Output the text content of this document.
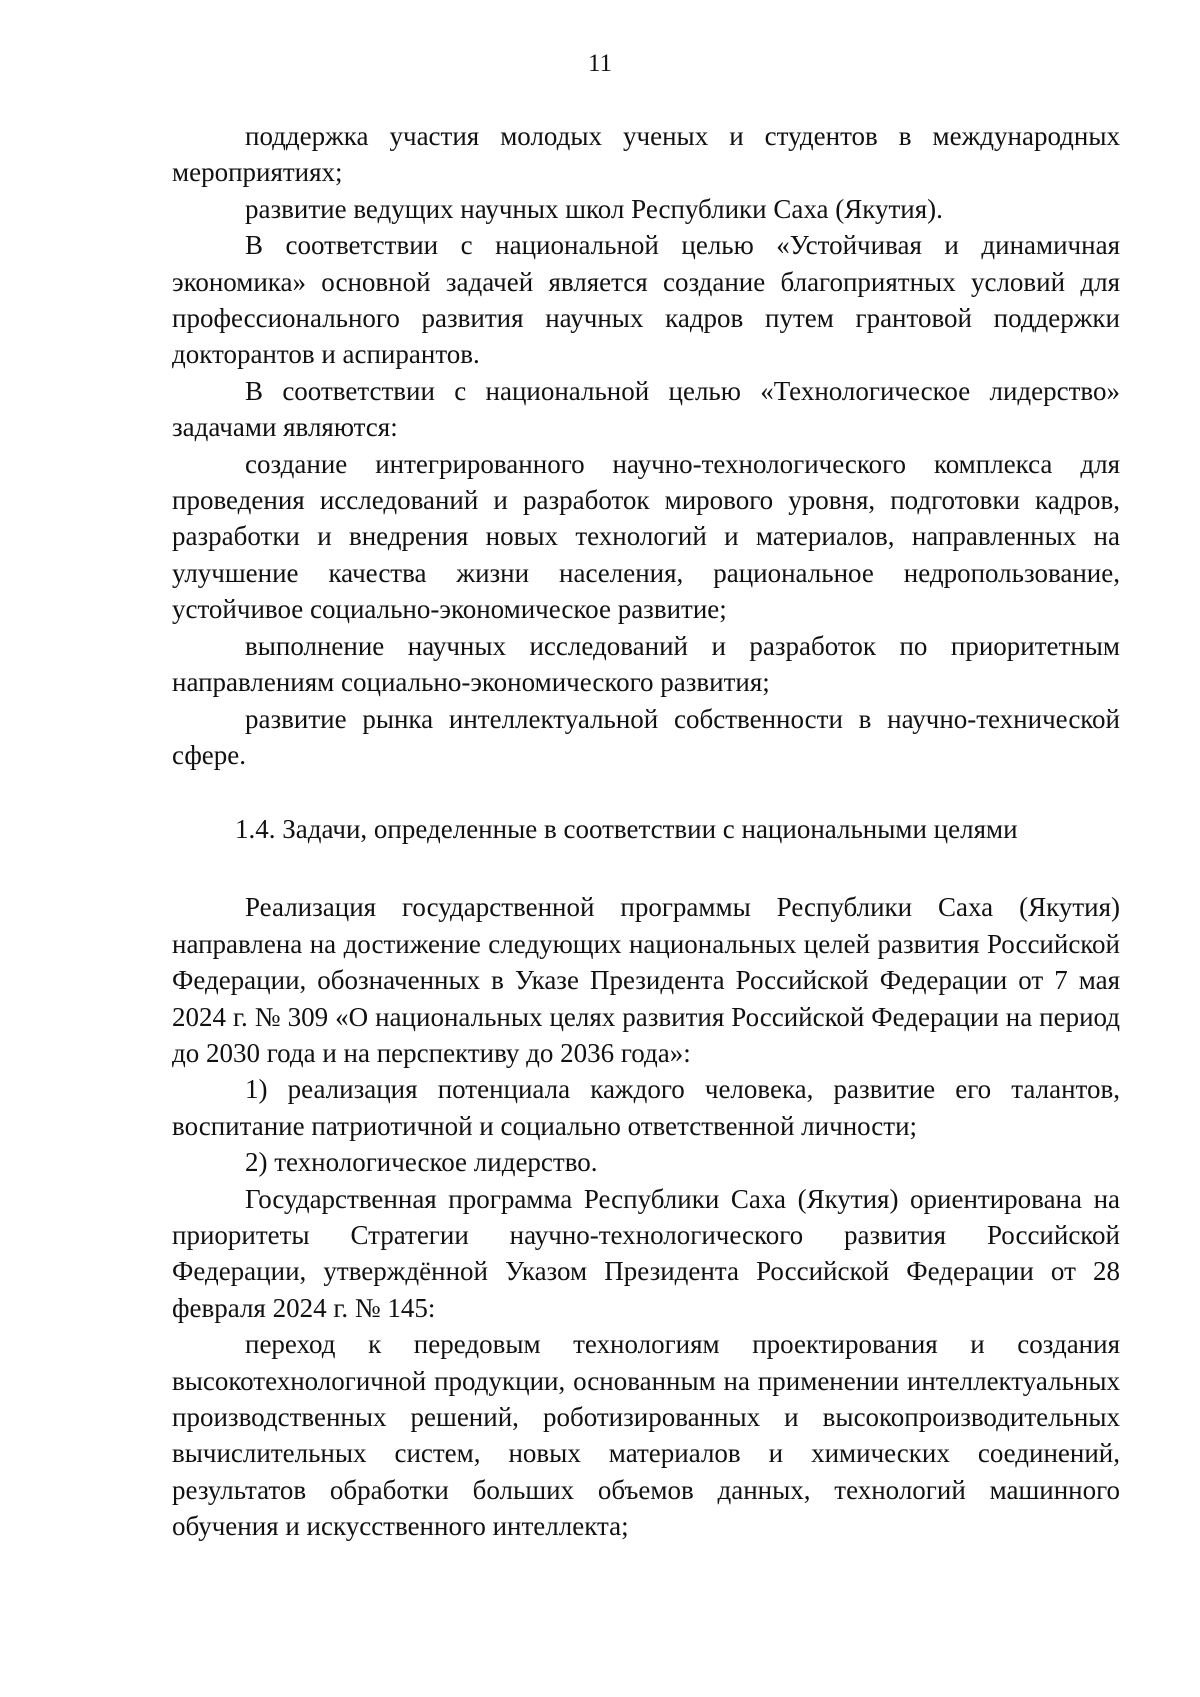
11

поддержка участия молодых ученых и студентов в международных мероприятиях;

развитие ведущих научных школ Республики Саха (Якутия).

В соответствии с национальной целью «Устойчивая и динамичная экономика» основной задачей является создание благоприятных условий для профессионального развития научных кадров путем грантовой поддержки докторантов и аспирантов.

В соответствии с национальной целью «Технологическое лидерство» задачами являются:

создание интегрированного научно-технологического комплекса для проведения исследований и разработок мирового уровня, подготовки кадров, разработки и внедрения новых технологий и материалов, направленных на улучшение качества жизни населения, рациональное недропользование, устойчивое социально-экономическое развитие;

выполнение научных исследований и разработок по приоритетным направлениям социально-экономического развития;

развитие рынка интеллектуальной собственности в научно-технической сфере.

1.4. Задачи, определенные в соответствии с национальными целями

Реализация государственной программы Республики Саха (Якутия) направлена на достижение следующих национальных целей развития Российской Федерации, обозначенных в Указе Президента Российской Федерации от 7 мая 2024 г. № 309 «О национальных целях развития Российской Федерации на период до 2030 года и на перспективу до 2036 года»:

1) реализация потенциала каждого человека, развитие его талантов, воспитание патриотичной и социально ответственной личности;

2) технологическое лидерство.

Государственная программа Республики Саха (Якутия) ориентирована на приоритеты Стратегии научно-технологического развития Российской Федерации, утверждённой Указом Президента Российской Федерации от 28 февраля 2024 г. № 145:

переход к передовым технологиям проектирования и создания высокотехнологичной продукции, основанным на применении интеллектуальных производственных решений, роботизированных и высокопроизводительных вычислительных систем, новых материалов и химических соединений, результатов обработки больших объемов данных, технологий машинного обучения и искусственного интеллекта;
